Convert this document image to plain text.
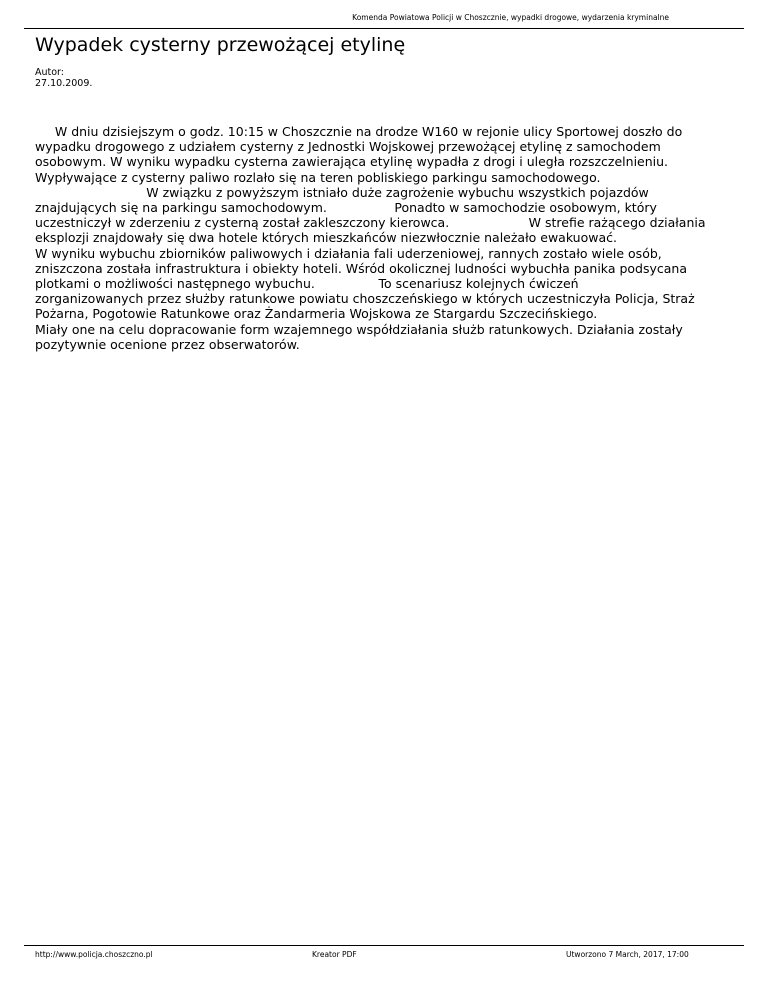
Komenda Powiatowa Policji w Choszcznie, wypadki drogowe, wydarzenia kryminalne
Wypadek cysterny przewożącej etylinę
Autor:
27.10.2009.
W dniu dzisiejszym o godz. 10:15 w Choszcznie na drodze W160 w rejonie ulicy Sportowej doszło do
wypadku drogowego z udziałem cysterny z Jednostki Wojskowej przewożącej etylinę z samochodem
osobowym. W wyniku wypadku cysterna zawierająca etylinę wypadła z drogi i uległa rozszczelnieniu.
Wypływające z cysterny paliwo rozlało się na teren pobliskiego parkingu samochodowego.
W związku z powyższym istniało duże zagrożenie wybuchu wszystkich pojazdów
znajdujących się na parkingu samochodowym.                 Ponadto w samochodzie osobowym, który
uczestniczył w zderzeniu z cysterną został zakleszczony kierowca.                    W strefie rażącego działania
eksplozji znajdowały się dwa hotele których mieszkańców niezwłocznie należało ewakuować.
W wyniku wybuchu zbiorników paliwowych i działania fali uderzeniowej, rannych zostało wiele osób,
zniszczona została infrastruktura i obiekty hoteli. Wśród okolicznej ludności wybuchła panika podsycana
plotkami o możliwości następnego wybuchu.                To scenariusz kolejnych ćwiczeń
zorganizowanych przez służby ratunkowe powiatu choszczeńskiego w których uczestniczyła Policja, Straż
Pożarna, Pogotowie Ratunkowe oraz Żandarmeria Wojskowa ze Stargardu Szczecińskiego.
Miały one na celu dopracowanie form wzajemnego współdziałania służb ratunkowych. Działania zostały
pozytywnie ocenione przez obserwatorów.
http://www.policja.choszczno.pl	Kreator PDF	Utworzono 7 March, 2017, 17:00
